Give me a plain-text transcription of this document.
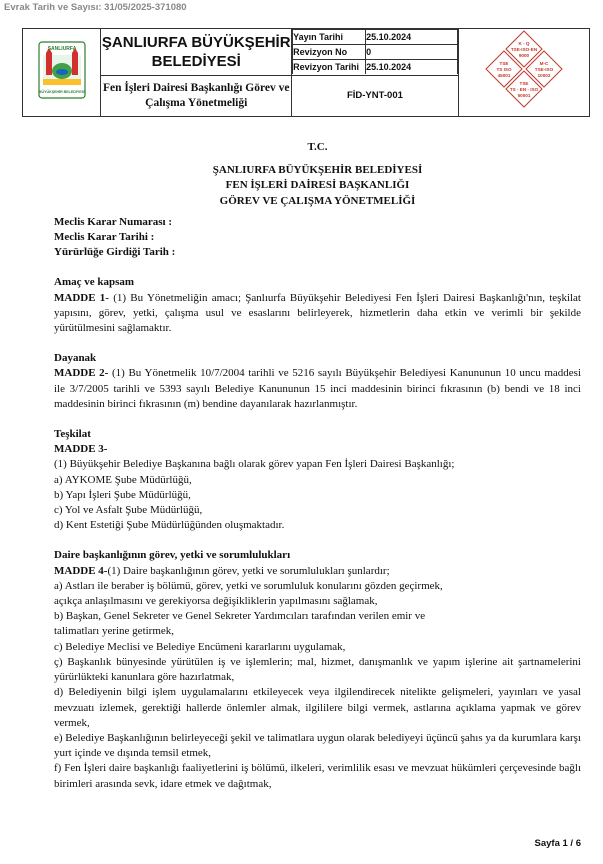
Evrak Tarih ve Sayısı: 31/05/2025-371080
ŞANLIURFA
BÜYÜKŞEHİR BELEDİYESİ

ŞANLIURFA BÜYÜKŞEHİR
BELEDİYESİ

Yayın Tarihi	25.10.2024
Revizyon No	0
Revizyon Tarihi	25.10.2024

K - Q
TSE-ISO-EN
9000
TSE
TS ISO
45001
M-C
TSE-ISO
10002
TSE
TS - EN - ISO
50001

Fen İşleri Dairesi Başkanlığı Görev ve Çalışma Yönetmeliği	FİD-YNT-001

T.C.

ŞANLIURFA BÜYÜKŞEHİR BELEDİYESİ

FEN İŞLERİ DAİRESİ BAŞKANLIĞI

GÖREV VE ÇALIŞMA YÖNETMELİĞİ

Meclis Karar Numarası :

Meclis Karar Tarihi :

Yürürlüğe Girdiği Tarih :

Amaç ve kapsam

MADDE 1- (1) Bu Yönetmeliğin amacı; Şanlıurfa Büyükşehir Belediyesi Fen İşleri Dairesi Başkanlığı'nın, teşkilat yapısını, görev, yetki, çalışma usul ve esaslarını belirleyerek, hizmetlerin daha etkin ve verimli bir şekilde yürütülmesini sağlamaktır.

Dayanak

MADDE 2- (1) Bu Yönetmelik 10/7/2004 tarihli ve 5216 sayılı Büyükşehir Belediyesi Kanununun 10 uncu maddesi ile 3/7/2005 tarihli ve 5393 sayılı Belediye Kanununun 15 inci maddesinin birinci fıkrasının (b) bendi ve 18 inci maddesinin birinci fıkrasının (m) bendine dayanılarak hazırlanmıştır.

Teşkilat

MADDE 3-

(1) Büyükşehir Belediye Başkanına bağlı olarak görev yapan Fen İşleri Dairesi Başkanlığı;

a) AYKOME Şube Müdürlüğü,

b) Yapı İşleri Şube Müdürlüğü,

c) Yol ve Asfalt Şube Müdürlüğü,

d) Kent Estetiği Şube Müdürlüğünden oluşmaktadır.

Daire başkanlığının görev, yetki ve sorumlulukları

MADDE 4-(1) Daire başkanlığının görev, yetki ve sorumlulukları şunlardır;

a) Astları ile beraber iş bölümü, görev, yetki ve sorumluluk konularını gözden geçirmek,

açıkça anlaşılmasını ve gerekiyorsa değişikliklerin yapılmasını sağlamak,

b) Başkan, Genel Sekreter ve Genel Sekreter Yardımcıları tarafından verilen emir ve

talimatları yerine getirmek,

c) Belediye Meclisi ve Belediye Encümeni kararlarını uygulamak,

ç) Başkanlık bünyesinde yürütülen iş ve işlemlerin; mal, hizmet, danışmanlık ve yapım işlerine ait şartnamelerini yürürlükteki kanunlara göre hazırlatmak,

d) Belediyenin bilgi işlem uygulamalarını etkileyecek veya ilgilendirecek nitelikte gelişmeleri, yayınları ve yasal mevzuatı izlemek, gerektiği hallerde önlemler almak, ilgililere bilgi vermek, astlarına açıklama yapmak ve görev vermek,

e) Belediye Başkanlığının belirleyeceği şekil ve talimatlara uygun olarak belediyeyi üçüncü şahıs ya da kurumlara karşı yurt içinde ve dışında temsil etmek,

f) Fen İşleri daire başkanlığı faaliyetlerini iş bölümü, ilkeleri, verimlilik esası ve mevzuat hükümleri çerçevesinde bağlı birimleri arasında sevk, idare etmek ve dağıtmak,

Sayfa 1 / 6
